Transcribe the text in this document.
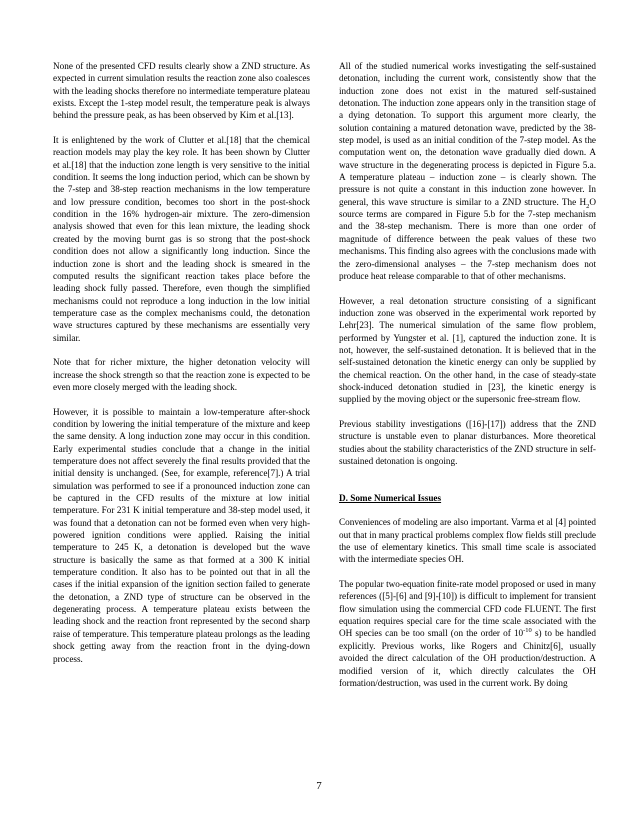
None of the presented CFD results clearly show a ZND structure. As expected in current simulation results the reaction zone also coalesces with the leading shocks therefore no intermediate temperature plateau exists. Except the 1-step model result, the temperature peak is always behind the pressure peak, as has been observed by Kim et al.[13].

It is enlightened by the work of Clutter et al.[18] that the chemical reaction models may play the key role. It has been shown by Clutter et al.[18] that the induction zone length is very sensitive to the initial condition. It seems the long induction period, which can be shown by the 7-step and 38-step reaction mechanisms in the low temperature and low pressure condition, becomes too short in the post-shock condition in the 16% hydrogen-air mixture. The zero-dimension analysis showed that even for this lean mixture, the leading shock created by the moving burnt gas is so strong that the post-shock condition does not allow a significantly long induction. Since the induction zone is short and the leading shock is smeared in the computed results the significant reaction takes place before the leading shock fully passed. Therefore, even though the simplified mechanisms could not reproduce a long induction in the low initial temperature case as the complex mechanisms could, the detonation wave structures captured by these mechanisms are essentially very similar.

Note that for richer mixture, the higher detonation velocity will increase the shock strength so that the reaction zone is expected to be even more closely merged with the leading shock.

However, it is possible to maintain a low-temperature after-shock condition by lowering the initial temperature of the mixture and keep the same density. A long induction zone may occur in this condition. Early experimental studies conclude that a change in the initial temperature does not affect severely the final results provided that the initial density is unchanged. (See, for example, reference[7].) A trial simulation was performed to see if a pronounced induction zone can be captured in the CFD results of the mixture at low initial temperature. For 231 K initial temperature and 38-step model used, it was found that a detonation can not be formed even when very high-powered ignition conditions were applied. Raising the initial temperature to 245 K, a detonation is developed but the wave structure is basically the same as that formed at a 300 K initial temperature condition. It also has to be pointed out that in all the cases if the initial expansion of the ignition section failed to generate the detonation, a ZND type of structure can be observed in the degenerating process. A temperature plateau exists between the leading shock and the reaction front represented by the second sharp raise of temperature. This temperature plateau prolongs as the leading shock getting away from the reaction front in the dying-down process.

All of the studied numerical works investigating the self-sustained detonation, including the current work, consistently show that the induction zone does not exist in the matured self-sustained detonation. The induction zone appears only in the transition stage of a dying detonation. To support this argument more clearly, the solution containing a matured detonation wave, predicted by the 38-step model, is used as an initial condition of the 7-step model. As the computation went on, the detonation wave gradually died down. A wave structure in the degenerating process is depicted in Figure 5.a. A temperature plateau – induction zone – is clearly shown. The pressure is not quite a constant in this induction zone however. In general, this wave structure is similar to a ZND structure. The $H_2O$ source terms are compared in Figure 5.b for the 7-step mechanism and the 38-step mechanism. There is more than one order of magnitude of difference between the peak values of these two mechanisms. This finding also agrees with the conclusions made with the zero-dimensional analyses – the 7-step mechanism does not produce heat release comparable to that of other mechanisms.

However, a real detonation structure consisting of a significant induction zone was observed in the experimental work reported by Lehr[23]. The numerical simulation of the same flow problem, performed by Yungster et al. [1], captured the induction zone. It is not, however, the self-sustained detonation. It is believed that in the self-sustained detonation the kinetic energy can only be supplied by the chemical reaction. On the other hand, in the case of steady-state shock-induced detonation studied in [23], the kinetic energy is supplied by the moving object or the supersonic free-stream flow.

Previous stability investigations ([16]-[17]) address that the ZND structure is unstable even to planar disturbances. More theoretical studies about the stability characteristics of the ZND structure in self-sustained detonation is ongoing.

D. Some Numerical Issues

Conveniences of modeling are also important. Varma et al [4] pointed out that in many practical problems complex flow fields still preclude the use of elementary kinetics. This small time scale is associated with the intermediate species OH.

The popular two-equation finite-rate model proposed or used in many references ([5]-[6] and [9]-[10]) is difficult to implement for transient flow simulation using the commercial CFD code FLUENT. The first equation requires special care for the time scale associated with the OH species can be too small (on the order of $10^{-10}$ s) to be handled explicitly. Previous works, like Rogers and Chinitz[6], usually avoided the direct calculation of the OH production/destruction. A modified version of it, which directly calculates the OH formation/destruction, was used in the current work. By doing

7
